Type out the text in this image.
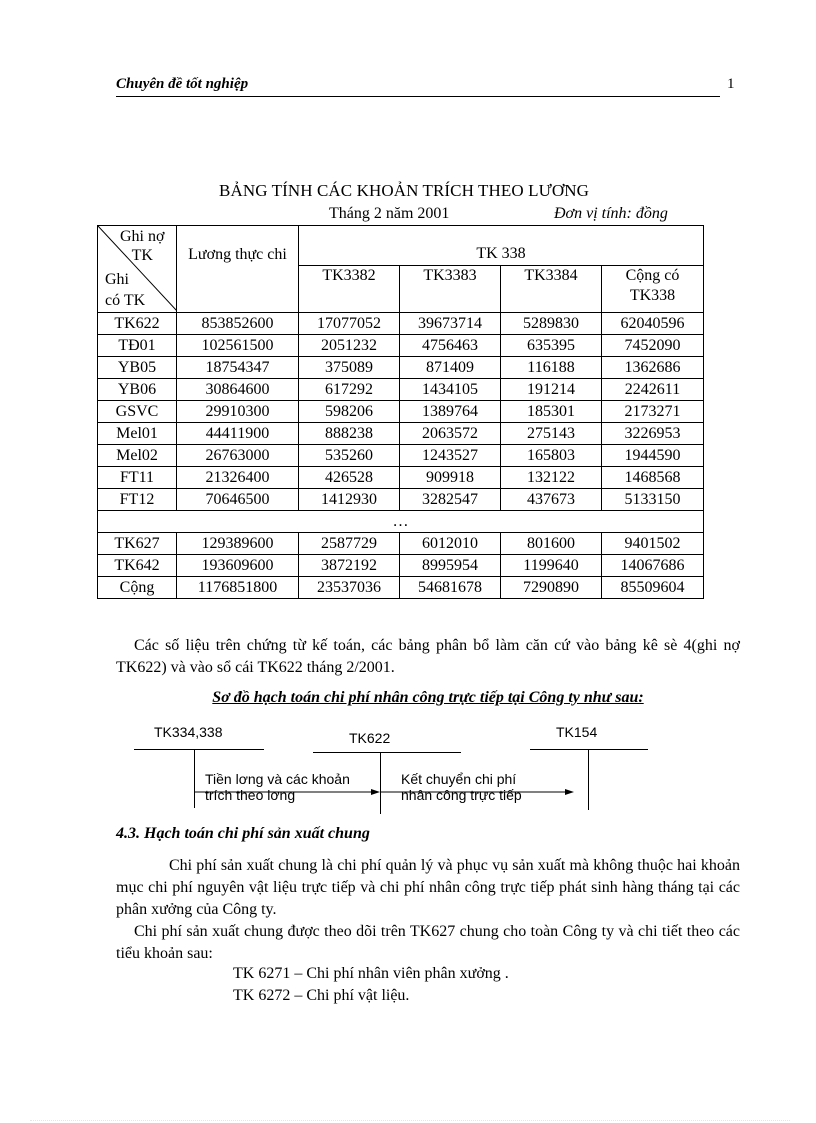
Chuyên đề tốt nghiệp	1
BẢNG TÍNH CÁC KHOẢN TRÍCH THEO LƯƠNG
Tháng 2 năm 2001	Đơn vị tính: đồng
Ghi nợ
TK
Ghi
có TK	Lương thực chi	TK 338			
		TK3382	TK3383	TK3384	Cộng có TK338
TK622	853852600	17077052	39673714	5289830	62040596
TĐ01	102561500	2051232	4756463	635395	7452090
YB05	18754347	375089	871409	116188	1362686
YB06	30864600	617292	1434105	191214	2242611
GSVC	29910300	598206	1389764	185301	2173271
Mel01	44411900	888238	2063572	275143	3226953
Mel02	26763000	535260	1243527	165803	1944590
FT11	21326400	426528	909918	132122	1468568
FT12	70646500	1412930	3282547	437673	5133150
…					
TK627	129389600	2587729	6012010	801600	9401502
TK642	193609600	3872192	8995954	1199640	14067686
Cộng	1176851800	23537036	54681678	7290890	85509604
Các số liệu trên chứng từ kế toán, các bảng phân bổ làm căn cứ vào bảng kê sè 4(ghi nợ TK622) và vào sổ cái TK622 tháng 2/2001.
Sơ đồ hạch toán chi phí nhân công trực tiếp tại Công ty như sau:
TK334,338	TK622	TK154
Tiền lơng và các khoản
trích theo lơng
Kết chuyển chi phí
nhân công trực tiếp
4.3. Hạch toán chi phí sản xuất chung
Chi phí sản xuất chung là chi phí quản lý và phục vụ sản xuất mà không thuộc hai khoản mục chi phí nguyên vật liệu trực tiếp và chi phí nhân công trực tiếp phát sinh hàng tháng tại các phân xưởng của Công ty.
Chi phí sản xuất chung được theo dõi trên TK627 chung cho toàn Công ty và chi tiết theo các tiểu khoản sau:
TK 6271 – Chi phí nhân viên phân xưởng .
TK 6272 – Chi phí vật liệu.
